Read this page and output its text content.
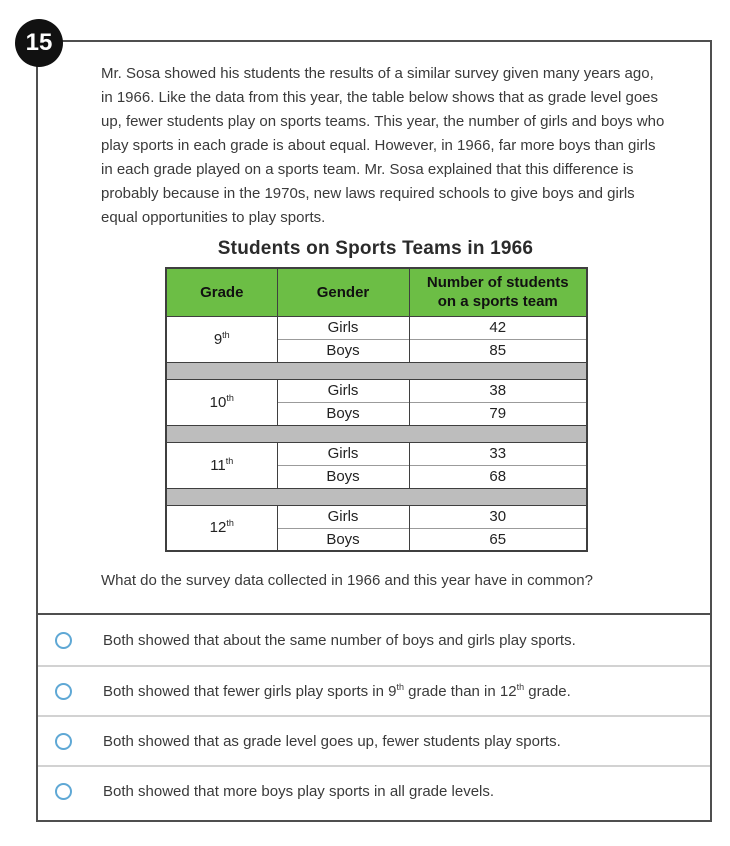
15

Mr. Sosa showed his students the results of a similar survey given many years ago, in 1966. Like the data from this year, the table below shows that as grade level goes up, fewer students play on sports teams. This year, the number of girls and boys who play sports in each grade is about equal. However, in 1966, far more boys than girls in each grade played on a sports team. Mr. Sosa explained that this difference is probably because in the 1970s, new laws required schools to give boys and girls equal opportunities to play sports.

Students on Sports Teams in 1966
Grade	Gender	Number of students on a sports team
9th	Girls	42
	Boys	85

10th	Girls	38
	Boys	79

11th	Girls	33
	Boys	68

12th	Girls	30
	Boys	65

What do the survey data collected in 1966 and this year have in common?

Both showed that about the same number of boys and girls play sports.
Both showed that fewer girls play sports in 9th grade than in 12th grade.
Both showed that as grade level goes up, fewer students play sports.
Both showed that more boys play sports in all grade levels.
